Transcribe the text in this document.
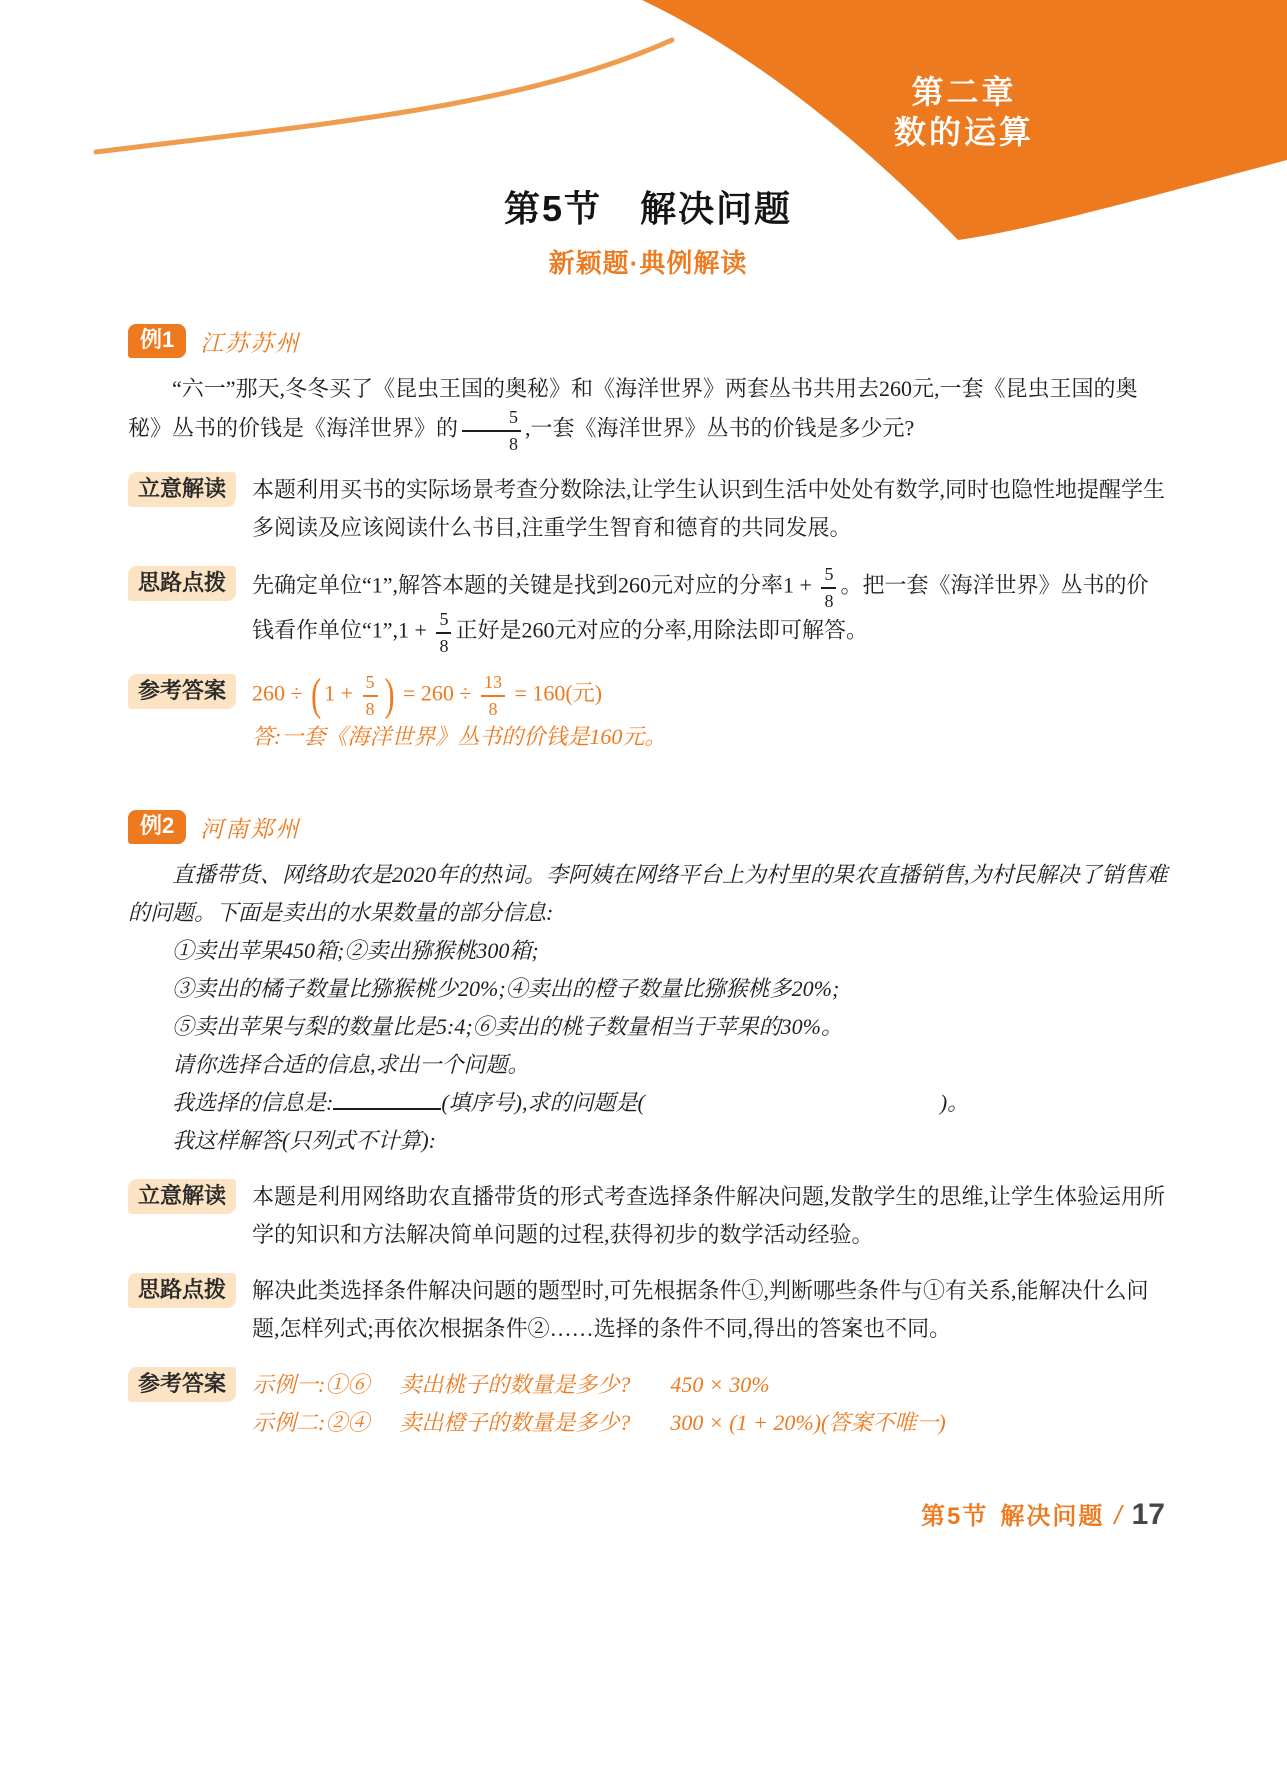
第二章
数的运算
第5节　解决问题
新颖题·典例解读
例1	江苏苏州

“六一”那天,冬冬买了《昆虫王国的奥秘》和《海洋世界》两套丛书共用去260元,一套《昆虫王国的奥秘》丛书的价钱是《海洋世界》的 $\frac{5}{8}$ ,一套《海洋世界》丛书的价钱是多少元?

立意解读	本题利用买书的实际场景考查分数除法,让学生认识到生活中处处有数学,同时也隐性地提醒学生多阅读及应该阅读什么书目,注重学生智育和德育的共同发展。
思路点拨	先确定单位“1”,解答本题的关键是找到260元对应的分率$1 + \frac{5}{8}$ 。把一套《海洋世界》丛书的价钱看作单位“1”,1 + $\frac{5}{8}$ 正好是260元对应的分率,用除法即可解答。
参考答案	260 ÷ ( $1 + \frac{5}{8}$ ) = $260 \div \frac{13}{8} = 160$(元)
答:一套《海洋世界》丛书的价钱是160元。
例2	河南郑州

直播带货、网络助农是2020年的热词。李阿姨在网络平台上为村里的果农直播销售,为村民解决了销售难的问题。下面是卖出的水果数量的部分信息:

①卖出苹果450箱;②卖出猕猴桃300箱;

③卖出的橘子数量比猕猴桃少20%;④卖出的橙子数量比猕猴桃多20%;

⑤卖出苹果与梨的数量比是5:4;⑥卖出的桃子数量相当于苹果的30%。

请你选择合适的信息,求出一个问题。

我选择的信息是:	(填序号),求的问题是(	)。

我这样解答(只列式不计算):

立意解读	本题是利用网络助农直播带货的形式考查选择条件解决问题,发散学生的思维,让学生体验运用所学的知识和方法解决简单问题的过程,获得初步的数学活动经验。
思路点拨	解决此类选择条件解决问题的题型时,可先根据条件①,判断哪些条件与①有关系,能解决什么问题,怎样列式;再依次根据条件②……选择的条件不同,得出的答案也不同。
参考答案	示例一:①⑥ 卖出桃子的数量是多少? 450 × 30%
示例二:②④ 卖出橙子的数量是多少? 300 × (1 + 20%)(答案不唯一)
第5节 解决问题 / 17
